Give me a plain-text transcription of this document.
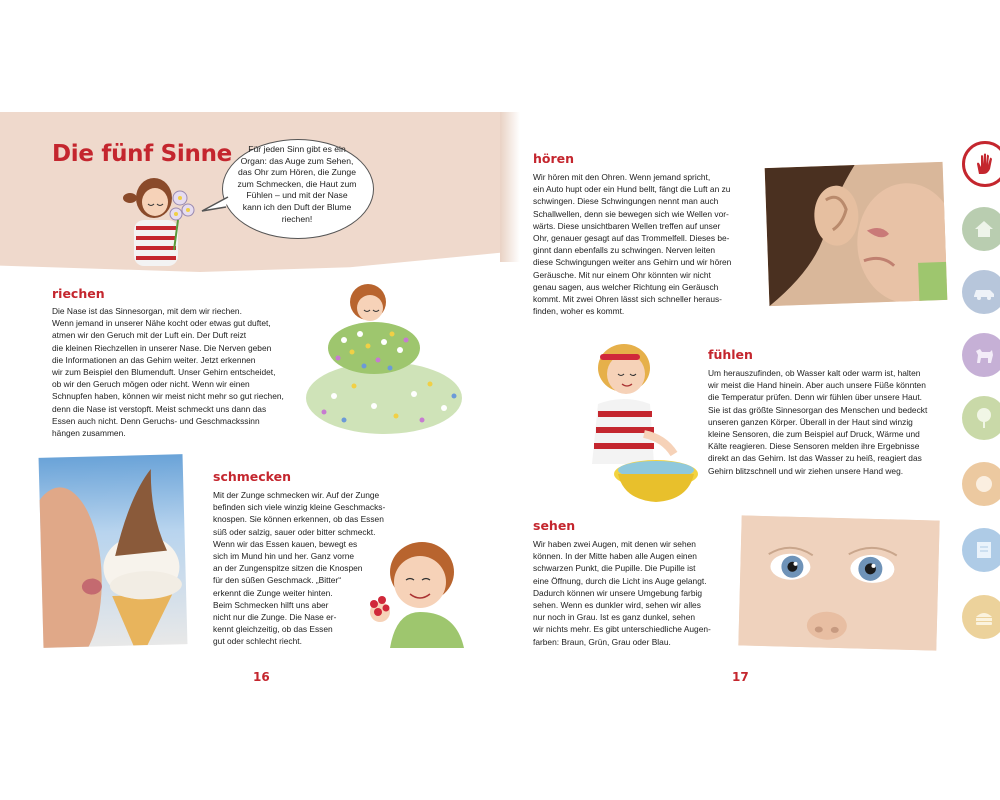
Die fünf Sinne	Für jeden Sinn gibt es ein Organ: das Auge zum Sehen, das Ohr zum Hören, die Zunge zum Schmecken, die Haut zum Fühlen – und mit der Nase kann ich den Duft der Blume riechen!
riechen
Die Nase ist das Sinnesorgan, mit dem wir riechen.
Wenn jemand in unserer Nähe kocht oder etwas gut duftet,
atmen wir den Geruch mit der Luft ein. Der Duft reizt
die kleinen Riechzellen in unserer Nase. Die Nerven geben
die Informationen an das Gehirn weiter. Jetzt erkennen
wir zum Beispiel den Blumenduft. Unser Gehirn entscheidet,
ob wir den Geruch mögen oder nicht. Wenn wir einen
Schnupfen haben, können wir meist nicht mehr so gut riechen,
denn die Nase ist verstopft. Meist schmeckt uns dann das
Essen auch nicht. Denn Geruchs- und Geschmackssinn
hängen zusammen.
schmecken
Mit der Zunge schmecken wir. Auf der Zunge
befinden sich viele winzig kleine Geschmacks-
knospen. Sie können erkennen, ob das Essen
süß oder salzig, sauer oder bitter schmeckt.
Wenn wir das Essen kauen, bewegt es
sich im Mund hin und her. Ganz vorne
an der Zungenspitze sitzen die Knospen
für den süßen Geschmack. „Bitter“
erkennt die Zunge weiter hinten.
Beim Schmecken hilft uns aber
nicht nur die Zunge. Die Nase er-
kennt gleichzeitig, ob das Essen
gut oder schlecht riecht.
16
hören
Wir hören mit den Ohren. Wenn jemand spricht,
ein Auto hupt oder ein Hund bellt, fängt die Luft an zu
schwingen. Diese Schwingungen nennt man auch
Schallwellen, denn sie bewegen sich wie Wellen vor-
wärts. Diese unsichtbaren Wellen treffen auf unser
Ohr, genauer gesagt auf das Trommelfell. Dieses be-
ginnt dann ebenfalls zu schwingen. Nerven leiten
diese Schwingungen weiter ans Gehirn und wir hören
Geräusche. Mit nur einem Ohr könnten wir nicht
genau sagen, aus welcher Richtung ein Geräusch
kommt. Mit zwei Ohren lässt sich schneller heraus-
finden, woher es kommt.
fühlen
Um herauszufinden, ob Wasser kalt oder warm ist, halten
wir meist die Hand hinein. Aber auch unsere Füße könnten
die Temperatur prüfen. Denn wir fühlen über unsere Haut.
Sie ist das größte Sinnesorgan des Menschen und bedeckt
unseren ganzen Körper. Überall in der Haut sind winzig
kleine Sensoren, die zum Beispiel auf Druck, Wärme und
Kälte reagieren. Diese Sensoren melden ihre Ergebnisse
direkt an das Gehirn. Ist das Wasser zu heiß, reagiert das
Gehirn blitzschnell und wir ziehen unsere Hand weg.
sehen
Wir haben zwei Augen, mit denen wir sehen
können. In der Mitte haben alle Augen einen
schwarzen Punkt, die Pupille. Die Pupille ist
eine Öffnung, durch die Licht ins Auge gelangt.
Dadurch können wir unsere Umgebung farbig
sehen. Wenn es dunkler wird, sehen wir alles
nur noch in Grau. Ist es ganz dunkel, sehen
wir nichts mehr. Es gibt unterschiedliche Augen-
farben: Braun, Grün, Grau oder Blau.
17
